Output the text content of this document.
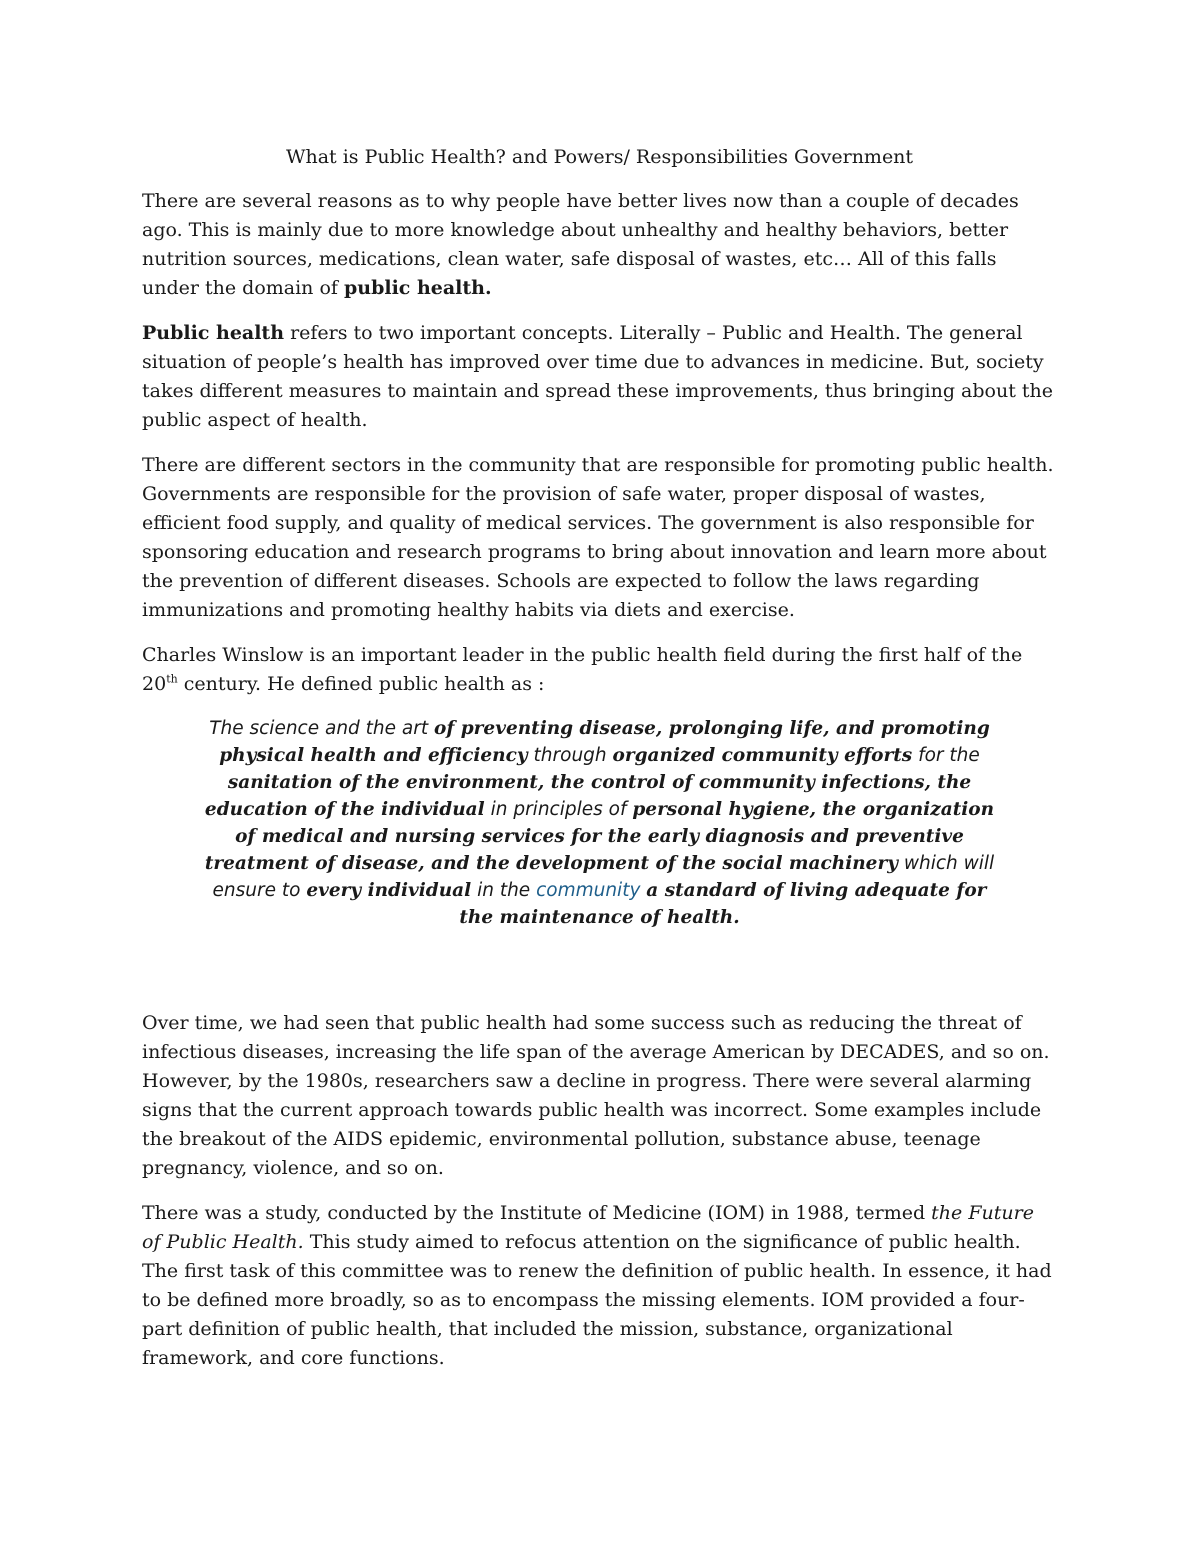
What is Public Health? and Powers/ Responsibilities Government

There are several reasons as to why people have better lives now than a couple of decades ago. This is mainly due to more knowledge about unhealthy and healthy behaviors, better nutrition sources, medications, clean water, safe disposal of wastes, etc… All of this falls under the domain of public health.

Public health refers to two important concepts. Literally – Public and Health. The general situation of people’s health has improved over time due to advances in medicine. But, society takes different measures to maintain and spread these improvements, thus bringing about the public aspect of health.

There are different sectors in the community that are responsible for promoting public health. Governments are responsible for the provision of safe water, proper disposal of wastes, efficient food supply, and quality of medical services. The government is also responsible for sponsoring education and research programs to bring about innovation and learn more about the prevention of different diseases. Schools are expected to follow the laws regarding immunizations and promoting healthy habits via diets and exercise.

Charles Winslow is an important leader in the public health field during the first half of the 20th century. He defined public health as :

The science and the art of preventing disease, prolonging life, and promoting physical health and efficiency through organized community efforts for the sanitation of the environment, the control of community infections, the education of the individual in principles of personal hygiene, the organization of medical and nursing services for the early diagnosis and preventive treatment of disease, and the development of the social machinery which will ensure to every individual in the community a standard of living adequate for the maintenance of health.

Over time, we had seen that public health had some success such as reducing the threat of infectious diseases, increasing the life span of the average American by DECADES, and so on. However, by the 1980s, researchers saw a decline in progress. There were several alarming signs that the current approach towards public health was incorrect. Some examples include the breakout of the AIDS epidemic, environmental pollution, substance abuse, teenage pregnancy, violence, and so on.

There was a study, conducted by the Institute of Medicine (IOM) in 1988, termed the Future of Public Health. This study aimed to refocus attention on the significance of public health. The first task of this committee was to renew the definition of public health. In essence, it had to be defined more broadly, so as to encompass the missing elements. IOM provided a four-part definition of public health, that included the mission, substance, organizational framework, and core functions.
